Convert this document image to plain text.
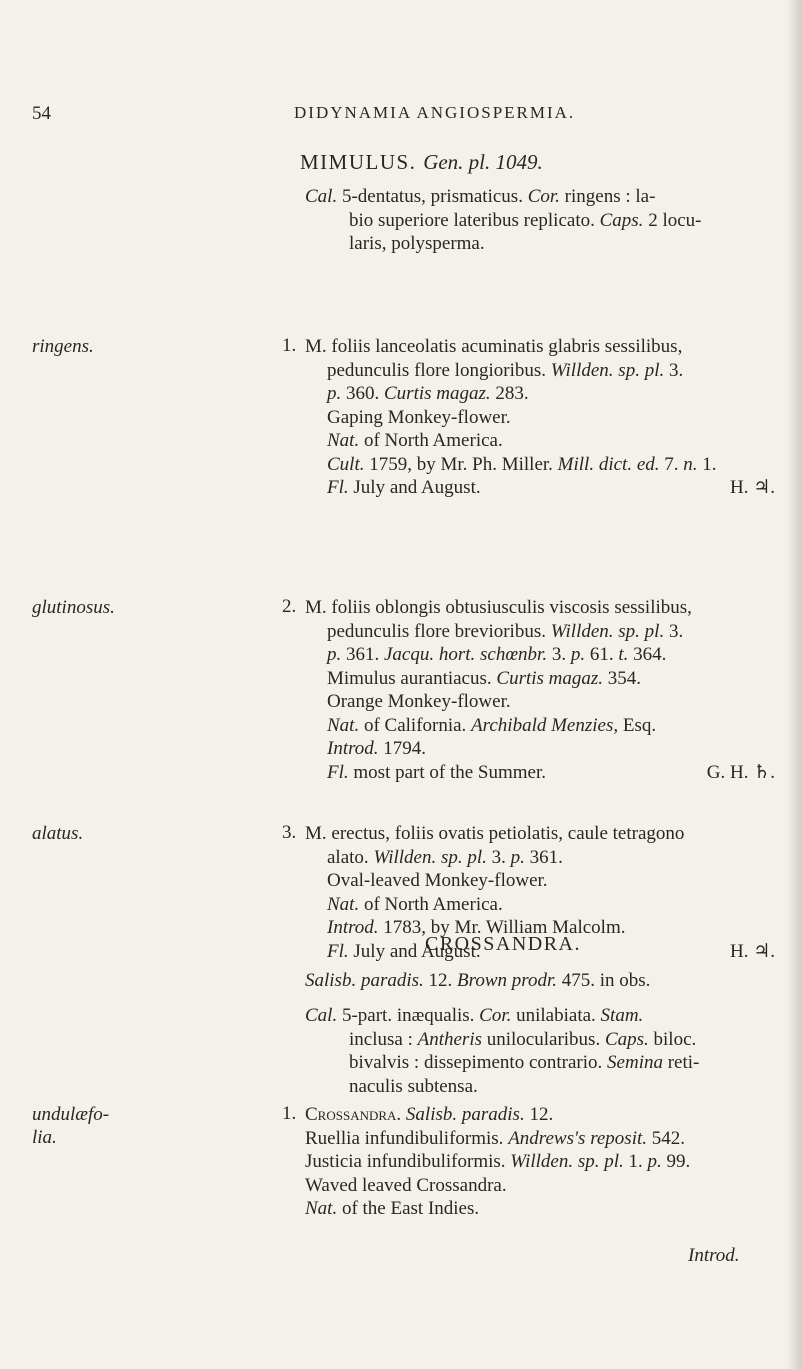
54	DIDYNAMIA ANGIOSPERMIA.
MIMULUS. Gen. pl. 1049.

Cal. 5-dentatus, prismaticus. Cor. ringens : la-

bio superiore lateribus replicato. Caps. 2 locu-

laris, polysperma.

ringens.	1. M. foliis lanceolatis acuminatis glabris sessilibus,

pedunculis flore longioribus. Willden. sp. pl. 3.

p. 360. Curtis magaz. 283.

Gaping Monkey-flower.

Nat. of North America.

Cult. 1759, by Mr. Ph. Miller. Mill. dict. ed. 7. n. 1.

Fl. July and August.	H. ♃.

glutinosus.	2. M. foliis oblongis obtusiusculis viscosis sessilibus,

pedunculis flore brevioribus. Willden. sp. pl. 3.

p. 361. Jacqu. hort. schœnbr. 3. p. 61. t. 364.

Mimulus aurantiacus. Curtis magaz. 354.

Orange Monkey-flower.

Nat. of California. Archibald Menzies, Esq.

Introd. 1794.

Fl. most part of the Summer.	G. H. ♄.

alatus.	3. M. erectus, foliis ovatis petiolatis, caule tetragono

alato. Willden. sp. pl. 3. p. 361.

Oval-leaved Monkey-flower.

Nat. of North America.

Introd. 1783, by Mr. William Malcolm.

Fl. July and August.	H. ♃.

CROSSANDRA.

Salisb. paradis. 12. Brown prodr. 475. in obs.

Cal. 5-part. inæqualis. Cor. unilabiata. Stam.

inclusa : Antheris unilocularibus. Caps. biloc.

bivalvis : dissepimento contrario. Semina reti-

naculis subtensa.

undulæfo-
lia.
1. Crossandra. Salisb. paradis. 12.

Ruellia infundibuliformis. Andrews's reposit. 542.

Justicia infundibuliformis. Willden. sp. pl. 1. p. 99.

Waved leaved Crossandra.

Nat. of the East Indies.

Introd.
